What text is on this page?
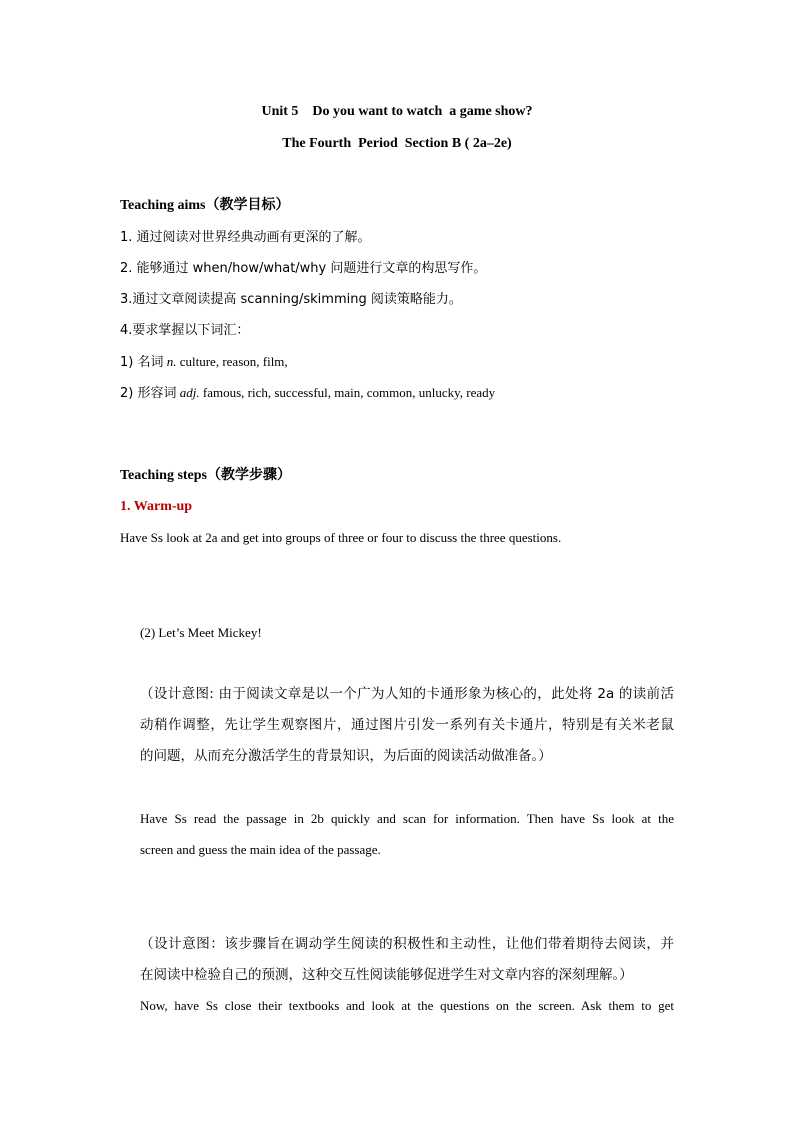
Unit 5    Do you want to watch  a game show?
The Fourth  Period  Section B ( 2a–2e)
Teaching aims（教学目标）
1. 通过阅读对世界经典动画有更深的了解。
2. 能够通过 when/how/what/why 问题进行文章的构思写作。
3.通过文章阅读提高 scanning/skimming 阅读策略能力。
4.要求掌握以下词汇：
1) 名词 n. culture, reason, film,
2) 形容词 adj. famous, rich, successful, main, common, unlucky, ready
Teaching steps（教学步骤）
1. Warm-up
Have Ss look at 2a and get into groups of three or four to discuss the three questions.
(2) Let’s Meet Mickey!
（设计意图: 由于阅读文章是以一个广为人知的卡通形象为核心的，此处将 2a 的读前活
动稍作调整，先让学生观察图片，通过图片引发一系列有关卡通片，特别是有关米老鼠
的问题，从而充分激活学生的背景知识，为后面的阅读活动做准备。）
Have Ss read the passage in 2b quickly and scan for information. Then have Ss look at the
screen and guess the main idea of the passage.
（设计意图：该步骤旨在调动学生阅读的积极性和主动性，让他们带着期待去阅读，并
在阅读中检验自己的预测，这种交互性阅读能够促进学生对文章内容的深刻理解。）
Now, have Ss close their textbooks and look at the questions on the screen. Ask them to get
